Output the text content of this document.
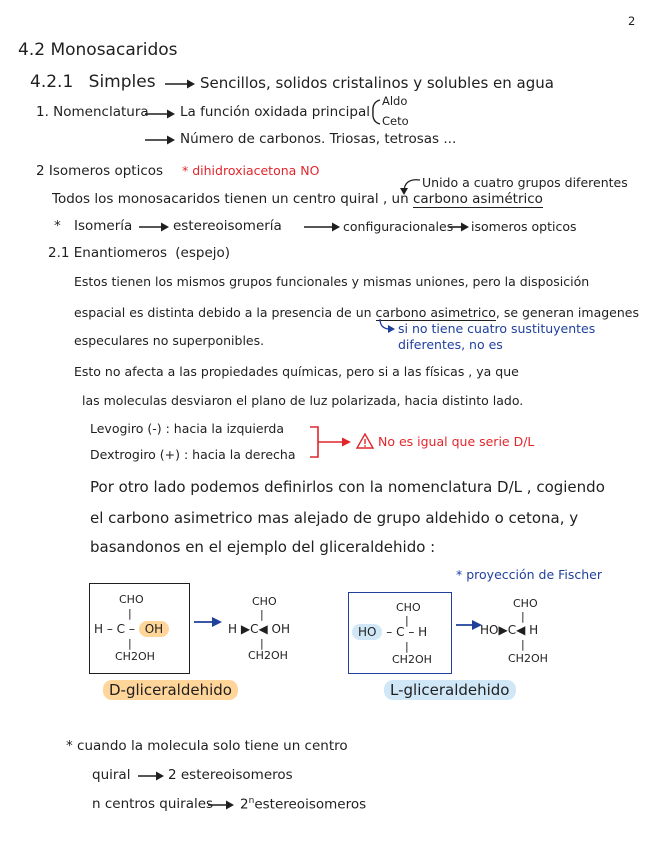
2
4.2 Monosacaridos
4.2.1 Simples	Sencillos, solidos cristalinos y solubles en agua
1. Nomenclatura La función oxidada principal
Aldo
Ceto
Número de carbonos. Triosas, tetrosas ...
2 Isomeros opticos * dihidroxiacetona NO
Unido a cuatro grupos diferentes
Todos los monosacaridos tienen un centro quiral , un carbono asimétrico
* Isomería	estereoisomería	configuracionales isomeros opticos
2.1 Enantiomeros (espejo)
Estos tienen los mismos grupos funcionales y mismas uniones, pero la disposición
espacial es distinta debido a la presencia de un carbono asimetrico, se generan imagenes
especulares no superponibles.
si no tiene cuatro sustituyentes
diferentes, no es
Esto no afecta a las propiedades químicas, pero si a las físicas , ya que
las moleculas desviaron el plano de luz polarizada, hacia distinto lado.
Levogiro (-) : hacia la izquierda
Dextrogiro (+) : hacia la derecha
No es igual que serie D/L
Por otro lado podemos definirlos con la nomenclatura D/L , cogiendo
el carbono asimetrico mas alejado de grupo aldehido o cetona, y
basandonos en el ejemplo del gliceraldehido :
* proyección de Fischer
CHO
|
H – C – OH
|
CH2OH
CHO
|
H ▶C◀ OH
|
CH2OH
D-gliceraldehido
CHO
|
HO – C – H
|
CH2OH
CHO
|
HO▶C◀ H
|
CH2OH
L-gliceraldehido
* cuando la molecula solo tiene un centro
quiral	2 estereoisomeros
n centros quirales 2$^n$estereoisomeros
